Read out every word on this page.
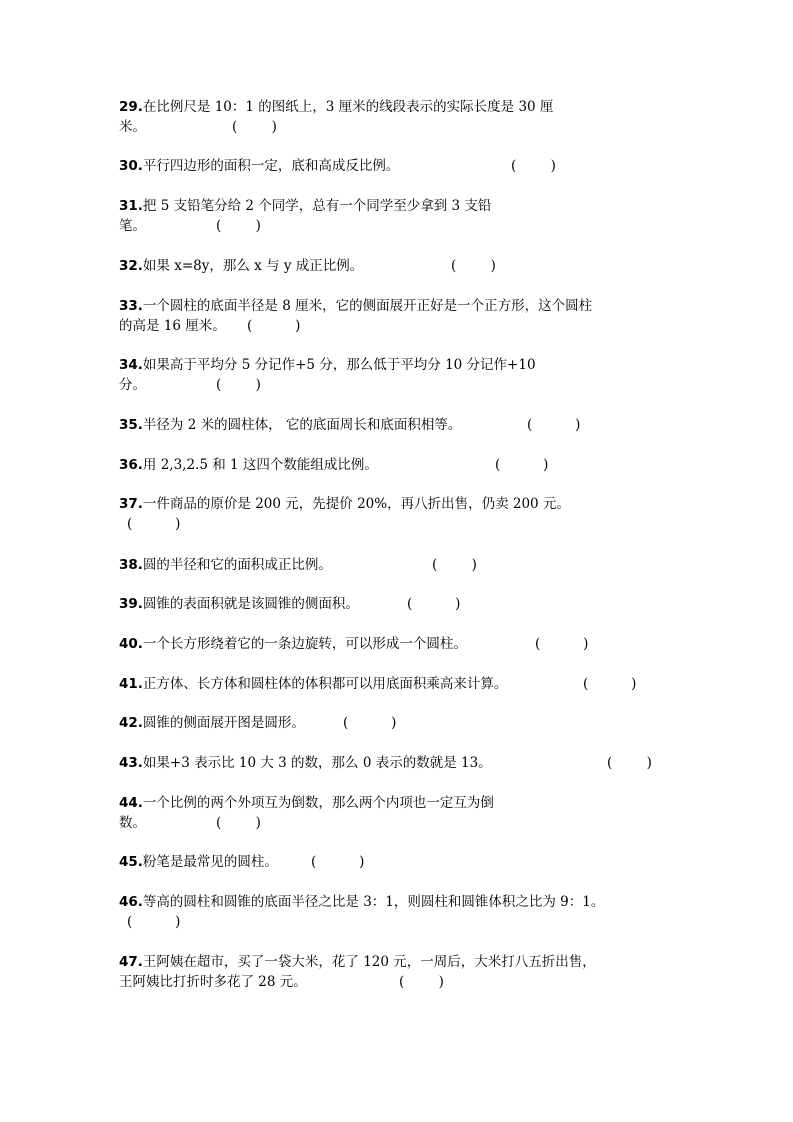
29.在比例尺是 10：1 的图纸上，3 厘米的线段表示的实际长度是 30 厘
米。	(        )
30.平行四边形的面积一定，底和高成反比例。	(        )
31.把 5 支铅笔分给 2 个同学，总有一个同学至少拿到 3 支铅
笔。	(        )
32.如果 x=8y，那么 x 与 y 成正比例。	(        )
33.一个圆柱的底面半径是 8 厘米，它的侧面展开正好是一个正方形，这个圆柱
的高是 16 厘米。 (          )
34.如果高于平均分 5 分记作+5 分，那么低于平均分 10 分记作+10
分。	(        )
35.半径为 2 米的圆柱体， 它的底面周长和底面积相等。	(          )
36.用 2,3,2.5 和 1 这四个数能组成比例。	(          )
37.一件商品的原价是 200 元，先提价 20%，再八折出售，仍卖 200 元。
(          )
38.圆的半径和它的面积成正比例。	(        )
39.圆锥的表面积就是该圆锥的侧面积。	(          )
40.一个长方形绕着它的一条边旋转，可以形成一个圆柱。	(          )
41.正方体、长方体和圆柱体的体积都可以用底面积乘高来计算。	(          )
42.圆锥的侧面展开图是圆形。	(          )
43.如果+3 表示比 10 大 3 的数，那么 0 表示的数就是 13。	(        )
44.一个比例的两个外项互为倒数，那么两个内项也一定互为倒
数。	(        )
45.粉笔是最常见的圆柱。 (          )
46.等高的圆柱和圆锥的底面半径之比是 3：1，则圆柱和圆锥体积之比为 9：1。
(          )
47.王阿姨在超市，买了一袋大米，花了 120 元，一周后，大米打八五折出售，
王阿姨比打折时多花了 28 元。	(        )
